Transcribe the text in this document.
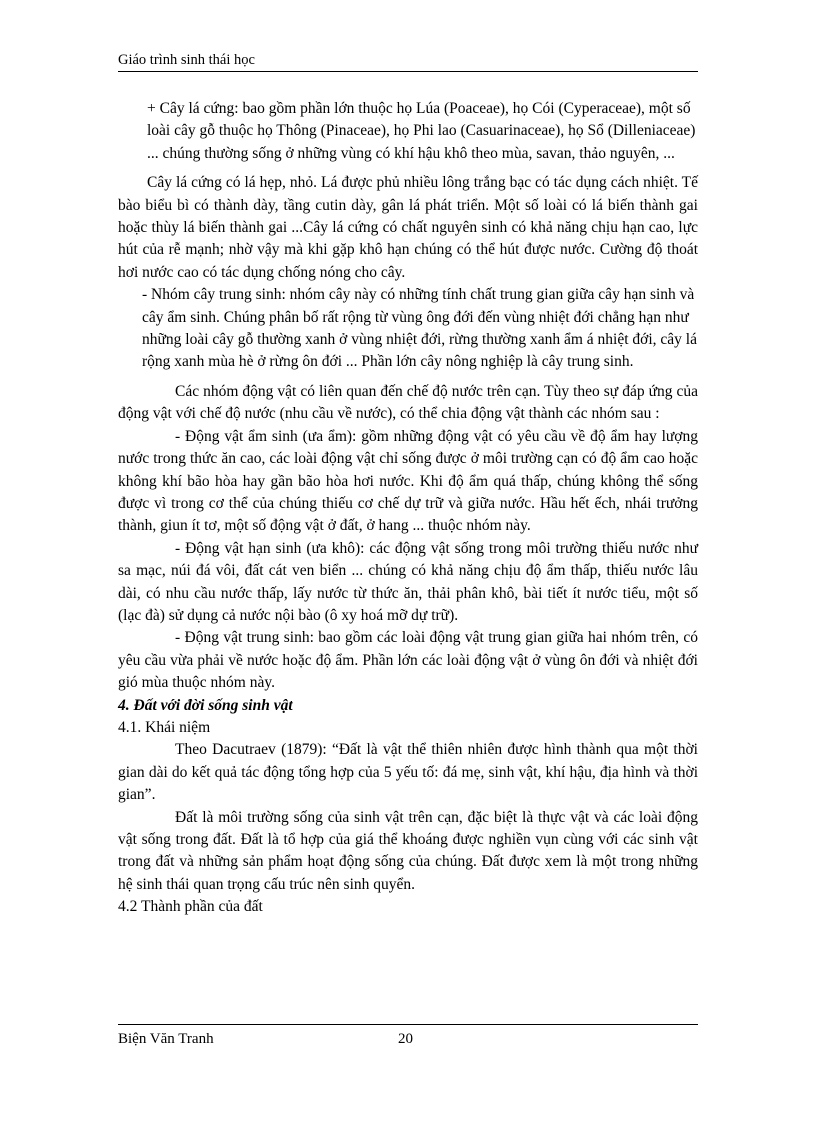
Giáo trình sinh thái học

+ Cây lá cứng: bao gồm phần lớn thuộc họ Lúa (Poaceae), họ Cói (Cyperaceae), một số loài cây gỗ thuộc họ Thông (Pinaceae), họ Phi lao (Casuarinaceae), họ Sổ (Dilleniaceae) ... chúng thường sống ở những vùng có khí hậu khô theo mùa, savan, thảo nguyên, ...

Cây lá cứng có lá hẹp, nhỏ. Lá được phủ nhiều lông trắng bạc có tác dụng cách nhiệt. Tế bào biểu bì có thành dày, tầng cutin dày, gân lá phát triển. Một số loài có lá biến thành gai hoặc thùy lá biến thành gai ...Cây lá cứng có chất nguyên sinh có khả năng chịu hạn cao, lực hút của rễ mạnh; nhờ vậy mà khi gặp khô hạn chúng có thể hút được nước. Cường độ thoát hơi nước cao có tác dụng chống nóng cho cây.

- Nhóm cây trung sinh: nhóm cây này có những tính chất trung gian giữa cây hạn sinh và cây ẩm sinh. Chúng phân bố rất rộng từ vùng ông đới đến vùng nhiệt đới chẳng hạn như những loài cây gỗ thường xanh ở vùng nhiệt đới, rừng thường xanh ẩm á nhiệt đới, cây lá rộng xanh mùa hè ở rừng ôn đới ... Phần lớn cây nông nghiệp là cây trung sinh.

Các nhóm động vật có liên quan đến chế độ nước trên cạn. Tùy theo sự đáp ứng của động vật với chế độ nước (nhu cầu về nước), có thể chia động vật thành các nhóm sau :

- Động vật ẩm sinh (ưa ẩm): gồm những động vật có yêu cầu về độ ẩm hay lượng nước trong thức ăn cao, các loài động vật chỉ sống được ở môi trường cạn có độ ẩm cao hoặc không khí bão hòa hay gần bão hòa hơi nước. Khi độ ẩm quá thấp, chúng không thể sống được vì trong cơ thể của chúng thiếu cơ chế dự trữ và giữa nước. Hầu hết ếch, nhái trưởng thành, giun ít tơ, một số động vật ở đất, ở hang ... thuộc nhóm này.

- Động vật hạn sinh (ưa khô): các động vật sống trong môi trường thiếu nước như sa mạc, núi đá vôi, đất cát ven biển ... chúng có khả năng chịu độ ẩm thấp, thiếu nước lâu dài, có nhu cầu nước thấp, lấy nước từ thức ăn, thải phân khô, bài tiết ít nước tiểu, một số (lạc đà) sử dụng cả nước nội bào (ô xy hoá mỡ dự trữ).

- Động vật trung sinh: bao gồm các loài động vật trung gian giữa hai nhóm trên, có yêu cầu vừa phải về nước hoặc độ ẩm. Phần lớn các loài động vật ở vùng ôn đới và nhiệt đới gió mùa thuộc nhóm này.

4. Đất với đời sống sinh vật

4.1. Khái niệm

Theo Dacutraev (1879): “Đất là vật thể thiên nhiên được hình thành qua một thời gian dài do kết quả tác động tổng hợp của 5 yếu tố: đá mẹ, sinh vật, khí hậu, địa hình và thời gian”.

Đất là môi trường sống của sinh vật trên cạn, đặc biệt là thực vật và các loài động vật sống trong đất. Đất là tổ hợp của giá thể khoáng được nghiền vụn cùng với các sinh vật trong đất và những sản phẩm hoạt động sống của chúng. Đất được xem là một trong những hệ sinh thái quan trọng cấu trúc nên sinh quyển.

4.2 Thành phần của đất

Biện Văn Tranh	20
